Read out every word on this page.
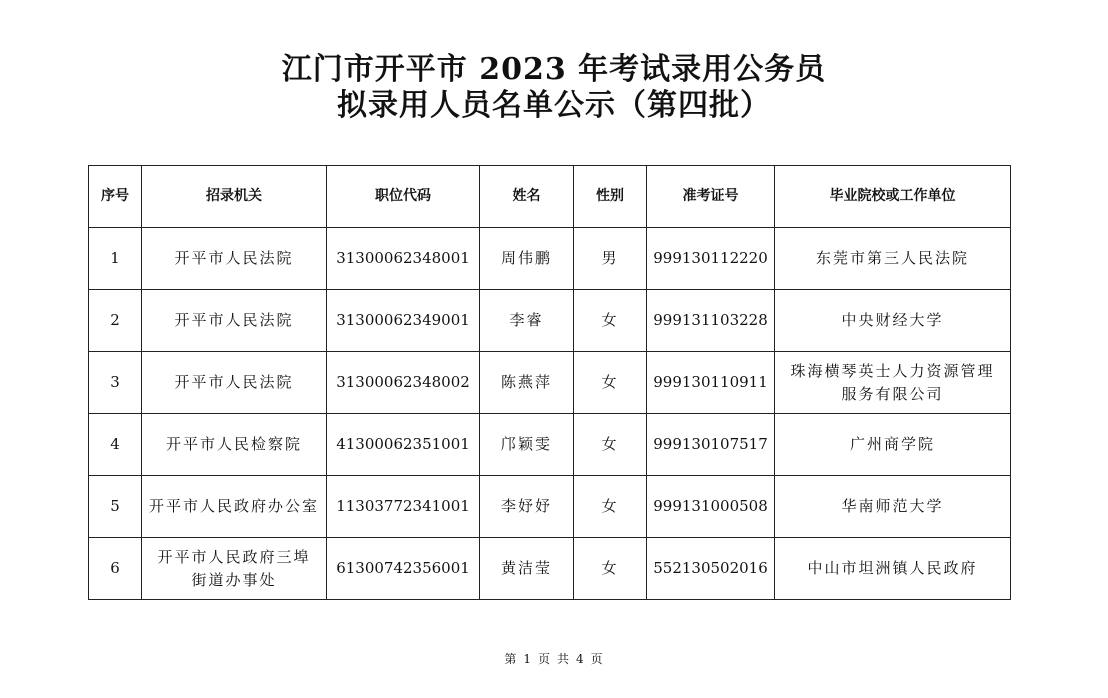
江门市开平市 2023 年考试录用公务员
拟录用人员名单公示（第四批）
序号	招录机关	职位代码	姓名	性别	准考证号	毕业院校或工作单位
1	开平市人民法院	31300062348001	周伟鹏	男	999130112220	东莞市第三人民法院

2	开平市人民法院	31300062349001	李睿	女	999131103228	中央财经大学

3	开平市人民法院	31300062348002	陈燕萍	女	999130110911	珠海横琴英士人力资源管理
服务有限公司

4	开平市人民检察院	41300062351001	邝颖雯	女	999130107517	广州商学院

5	开平市人民政府办公室	11303772341001	李妤妤	女	999131000508	华南师范大学

6	开平市人民政府三埠
街道办事处	61300742356001	黄洁莹	女	552130502016	中山市坦洲镇人民政府
第 1 页 共 4 页
